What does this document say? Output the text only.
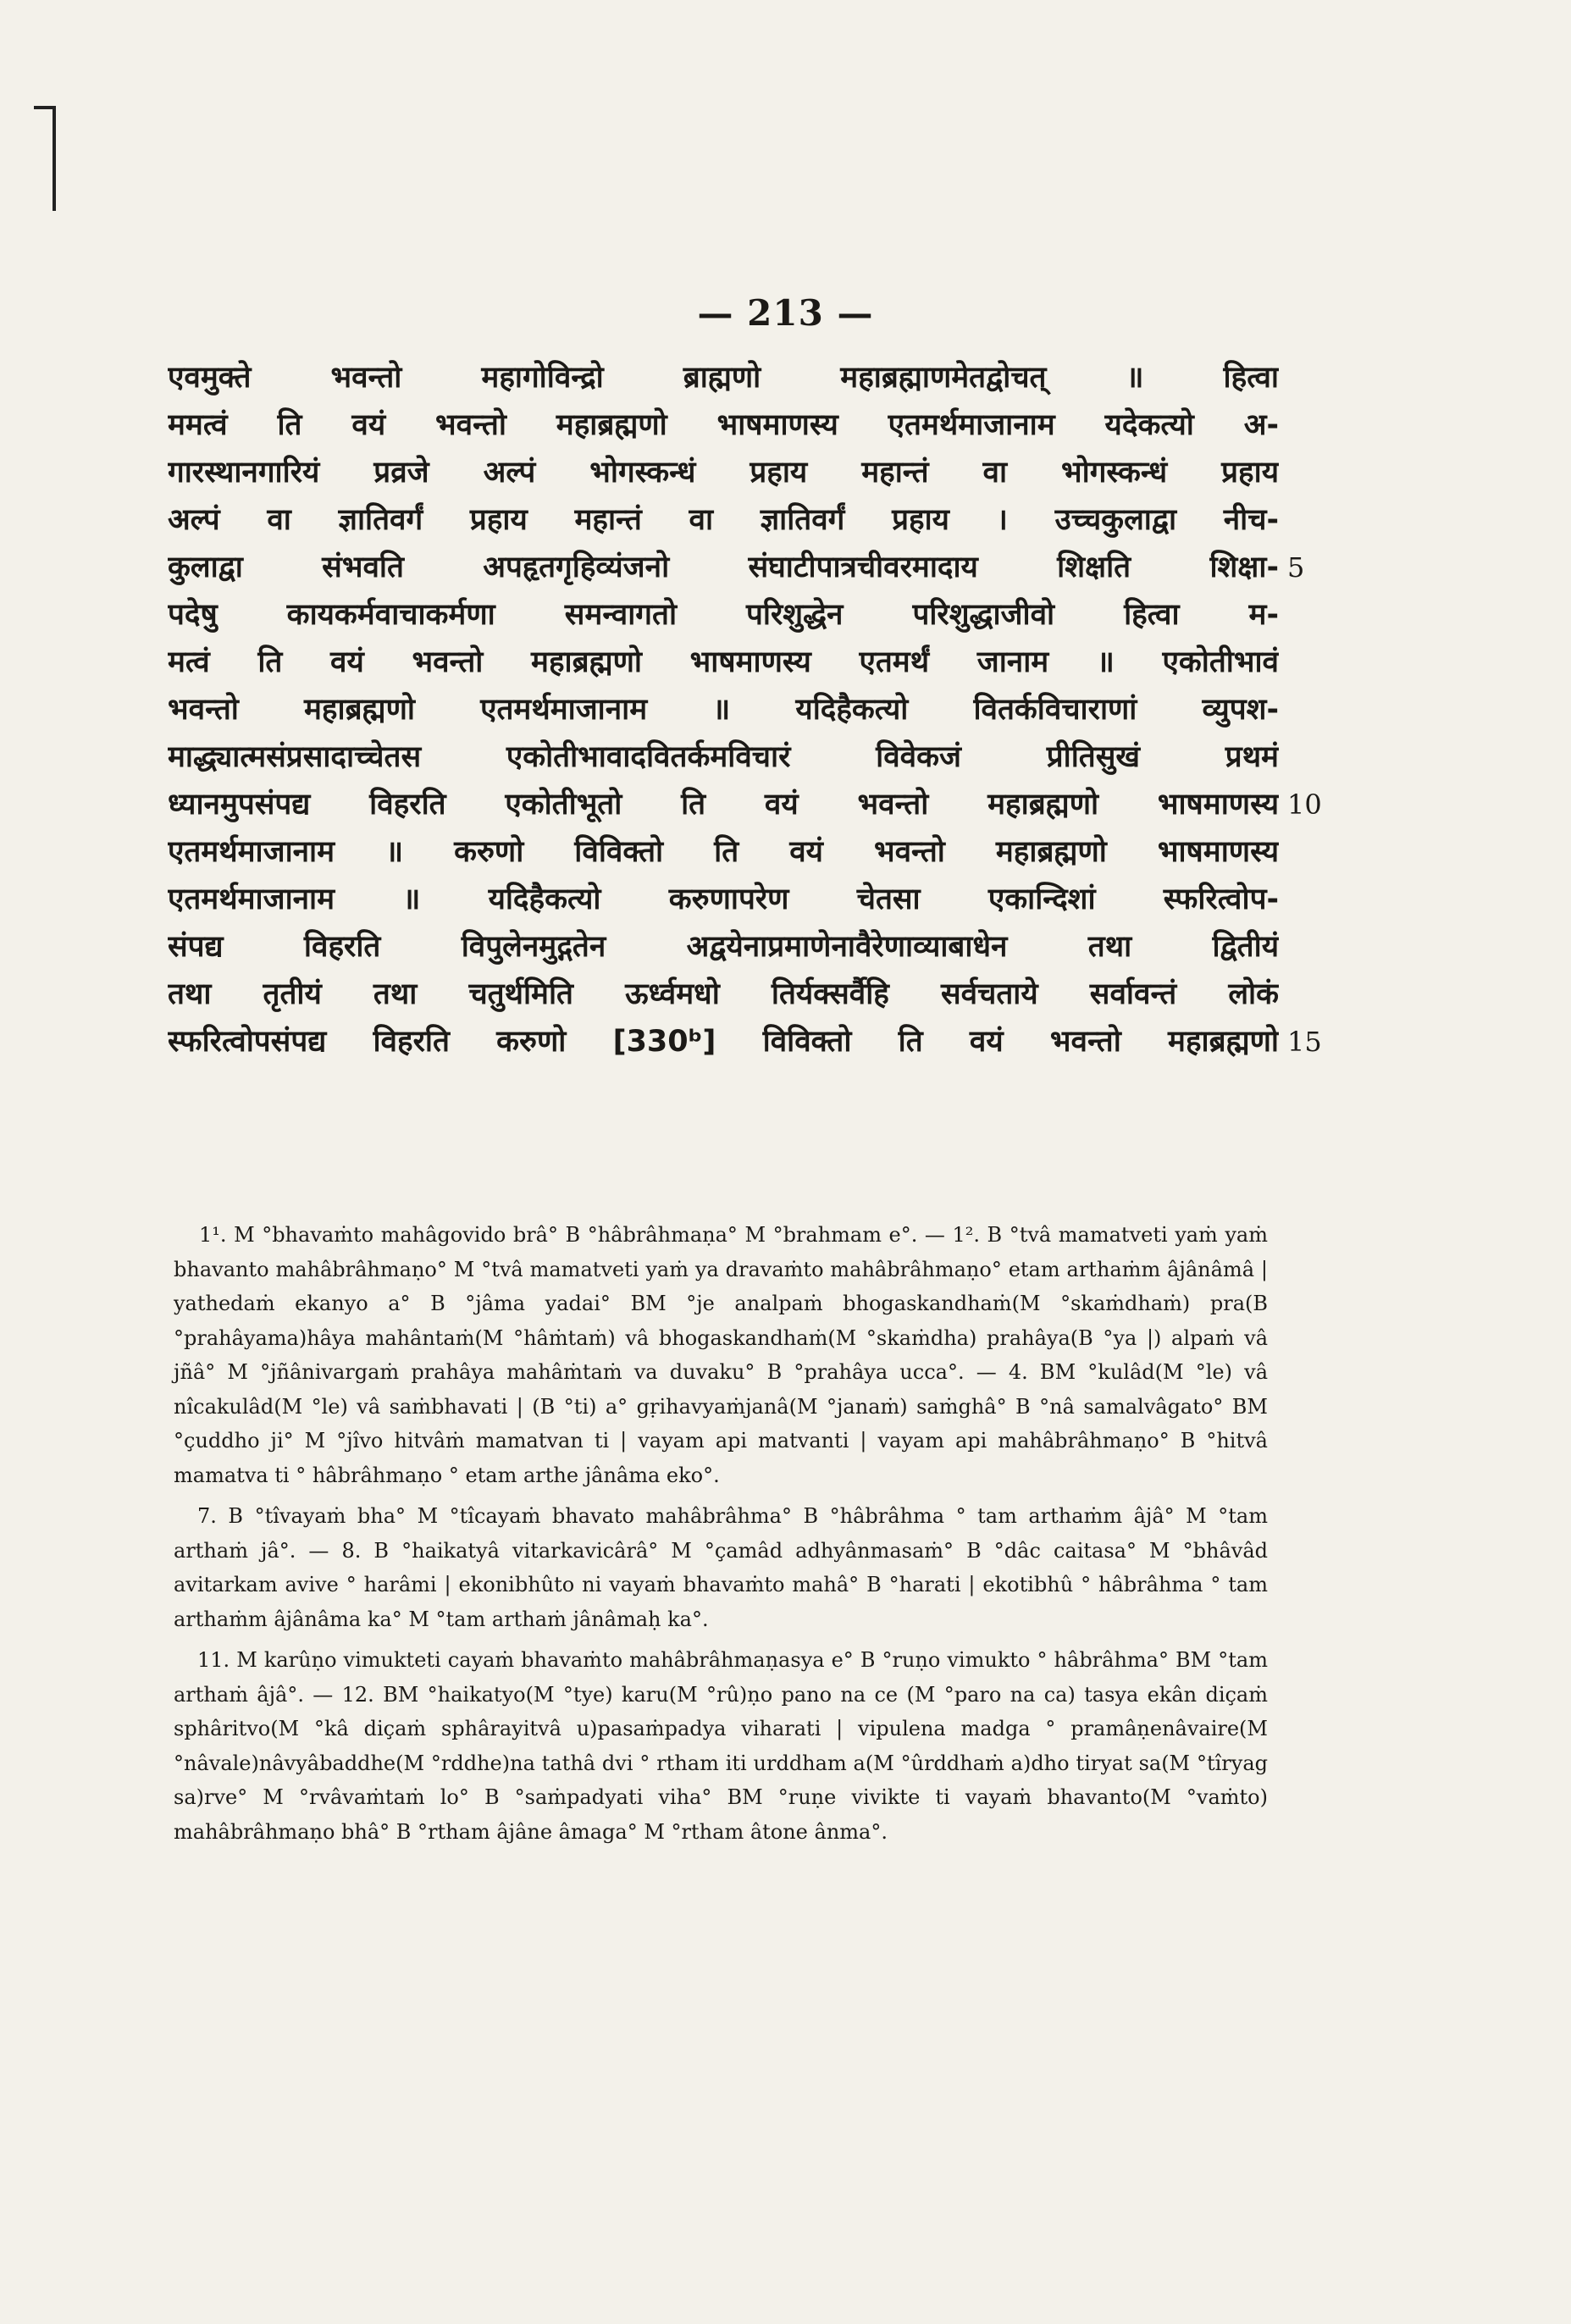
— 213 —
एवमुक्ते भवन्तो महागोविन्द्रो ब्राह्मणो महाब्रह्माणमेतद्वोचत् ॥ हित्वा
ममत्वं ति वयं भवन्तो महाब्रह्मणो भाषमाणस्य एतमर्थमाजानाम यदेकत्यो अ-
गारस्थानगारियं प्रव्रजे अल्पं भोगस्कन्धं प्रहाय महान्तं वा भोगस्कन्धं प्रहाय
अल्पं वा ज्ञातिवर्गं प्रहाय महान्तं वा ज्ञातिवर्गं प्रहाय । उच्चकुलाद्वा नीच-
कुलाद्वा संभवति अपहृतगृहिव्यंजनो संघाटीपात्रचीवरमादाय शिक्षति शिक्षा- 5
पदेषु कायकर्मवाचाकर्मणा समन्वागतो परिशुद्धेन परिशुद्धाजीवो हित्वा म-
मत्वं ति वयं भवन्तो महाब्रह्मणो भाषमाणस्य एतमर्थं जानाम ॥ एकोतीभावं
भवन्तो महाब्रह्मणो एतमर्थमाजानाम ॥ यदिहैकत्यो वितर्कविचाराणां व्युपश-
माद्ध्यात्मसंप्रसादाच्चेतस एकोतीभावादवितर्कमविचारं विवेकजं प्रीतिसुखं प्रथमं
ध्यानमुपसंपद्य विहरति एकोतीभूतो ति वयं भवन्तो महाब्रह्मणो भाषमाणस्य 10
एतमर्थमाजानाम ॥ करुणो विविक्तो ति वयं भवन्तो महाब्रह्मणो भाषमाणस्य
एतमर्थमाजानाम ॥ यदिहैकत्यो करुणापरेण चेतसा एकान्दिशां स्फरित्वोप-
संपद्य विहरति विपुलेनमुद्गतेन अद्वयेनाप्रमाणेनावैरेणाव्याबाधेन तथा द्वितीयं
तथा तृतीयं तथा चतुर्थमिति ऊर्ध्वमधो तिर्यक्सर्वैहि सर्वचताये सर्वावन्तं लोकं
स्फरित्वोपसंपद्य विहरति करुणो [330ᵇ] विविक्तो ति वयं भवन्तो महाब्रह्मणो 15

1¹. M °bhavaṁto mahâgovido brâ° B °hâbrâhmaṇa° M °brahmam e°. — 1². B °tvâ mamatveti yaṁ yaṁ bhavanto mahâbrâhmaṇo° M °tvâ mamatveti yaṁ ya dravaṁto mahâbrâhmaṇo° etam arthaṁm âjânâmâ | yathedaṁ ekanyo a° B °jâma yadai° BM °je analpaṁ bhogaskandhaṁ(M °skaṁdhaṁ) pra(B °prahâyama)hâya mahântaṁ(M °hâṁtaṁ) vâ bhogaskandhaṁ(M °skaṁdha) prahâya(B °ya |) alpaṁ vâ jñâ° M °jñânivargaṁ prahâya mahâṁtaṁ va duvaku° B °prahâya ucca°. — 4. BM °kulâd(M °le) vâ nîcakulâd(M °le) vâ saṁbhavati | (B °ti) a° gṛihavyaṁjanâ(M °janaṁ) saṁghâ° B °nâ samalvâgato° BM °çuddho ji° M °jîvo hitvâṁ mamatvan ti | vayam api matvanti | vayam api mahâbrâhmaṇo° B °hitvâ mamatva ti ° hâbrâhmaṇo ° etam arthe jânâma eko°.

7. B °tîvayaṁ bha° M °tîcayaṁ bhavato mahâbrâhma° B °hâbrâhma ° tam arthaṁm âjâ° M °tam arthaṁ jâ°. — 8. B °haikatyâ vitarkavicârâ° M °çamâd adhyânmasaṁ° B °dâc caitasa° M °bhâvâd avitarkam avive ° harâmi | ekonibhûto ni vayaṁ bhavaṁto mahâ° B °harati | ekotibhû ° hâbrâhma ° tam arthaṁm âjânâma ka° M °tam arthaṁ jânâmaḥ ka°.

11. M karûṇo vimukteti cayaṁ bhavaṁto mahâbrâhmaṇasya e° B °ruṇo vimukto ° hâbrâhma° BM °tam arthaṁ âjâ°. — 12. BM °haikatyo(M °tye) karu(M °rû)ṇo pano na ce (M °paro na ca) tasya ekân diçaṁ sphâritvo(M °kâ diçaṁ sphârayitvâ u)pasaṁpadya viharati | vipulena madga ° pramâṇenâvaire(M °nâvale)nâvyâbaddhe(M °rddhe)na tathâ dvi ° rtham iti urddham a(M °ûrddhaṁ a)dho tiryat sa(M °tîryag sa)rve° M °rvâvaṁtaṁ lo° B °saṁpadyati viha° BM °ruṇe vivikte ti vayaṁ bhavanto(M °vaṁto) mahâbrâhmaṇo bhâ° B °rtham âjâne âmaga° M °rtham âtone ânma°.
